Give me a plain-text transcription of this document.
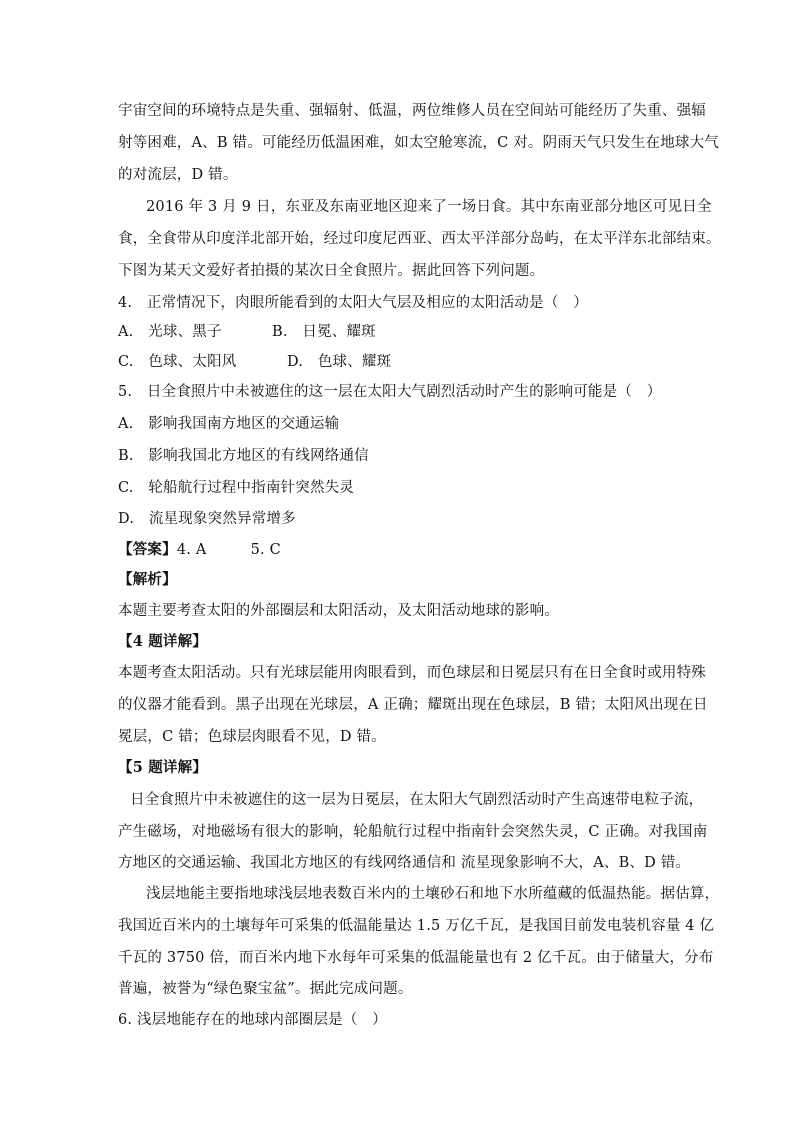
宇宙空间的环境特点是失重、强辐射、低温，两位维修人员在空间站可能经历了失重、强辐
射等困难，A、B 错。可能经历低温困难，如太空舱寒流，C 对。阴雨天气只发生在地球大气
的对流层，D 错。
2016 年 3 月 9 日，东亚及东南亚地区迎来了一场日食。其中东南亚部分地区可见日全
食，全食带从印度洋北部开始，经过印度尼西亚、西太平洋部分岛屿，在太平洋东北部结束。
下图为某天文爱好者拍摄的某次日全食照片。据此回答下列问题。
4.　正常情况下，肉眼所能看到的太阳大气层及相应的太阳活动是（　）
A.　光球、黑子	B.　日冕、耀斑
C.　色球、太阳风	D.　色球、耀斑
5.　日全食照片中未被遮住的这一层在太阳大气剧烈活动时产生的影响可能是（　）
A.　影响我国南方地区的交通运输
B.　影响我国北方地区的有线网络通信
C.　轮船航行过程中指南针突然失灵
D.　流星现象突然异常增多
【答案】4. A　　　5. C
【解析】
本题主要考查太阳的外部圈层和太阳活动，及太阳活动地球的影响。
【4 题详解】
本题考查太阳活动。只有光球层能用肉眼看到，而色球层和日冕层只有在日全食时或用特殊
的仪器才能看到。黑子出现在光球层，A 正确；耀斑出现在色球层，B 错；太阳风出现在日
冕层，C 错；色球层肉眼看不见，D 错。
【5 题详解】
日全食照片中未被遮住的这一层为日冕层，在太阳大气剧烈活动时产生高速带电粒子流，
产生磁场，对地磁场有很大的影响，轮船航行过程中指南针会突然失灵，C 正确。对我国南
方地区的交通运输、我国北方地区的有线网络通信和 流星现象影响不大，A、B、D 错。
浅层地能主要指地球浅层地表数百米内的土壤砂石和地下水所蕴藏的低温热能。据估算，
我国近百米内的土壤每年可采集的低温能量达 1.5 万亿千瓦，是我国目前发电装机容量 4 亿
千瓦的 3750 倍，而百米内地下水每年可采集的低温能量也有 2 亿千瓦。由于储量大，分布
普遍，被誉为“绿色聚宝盆”。据此完成问题。
6. 浅层地能存在的地球内部圈层是（　）
